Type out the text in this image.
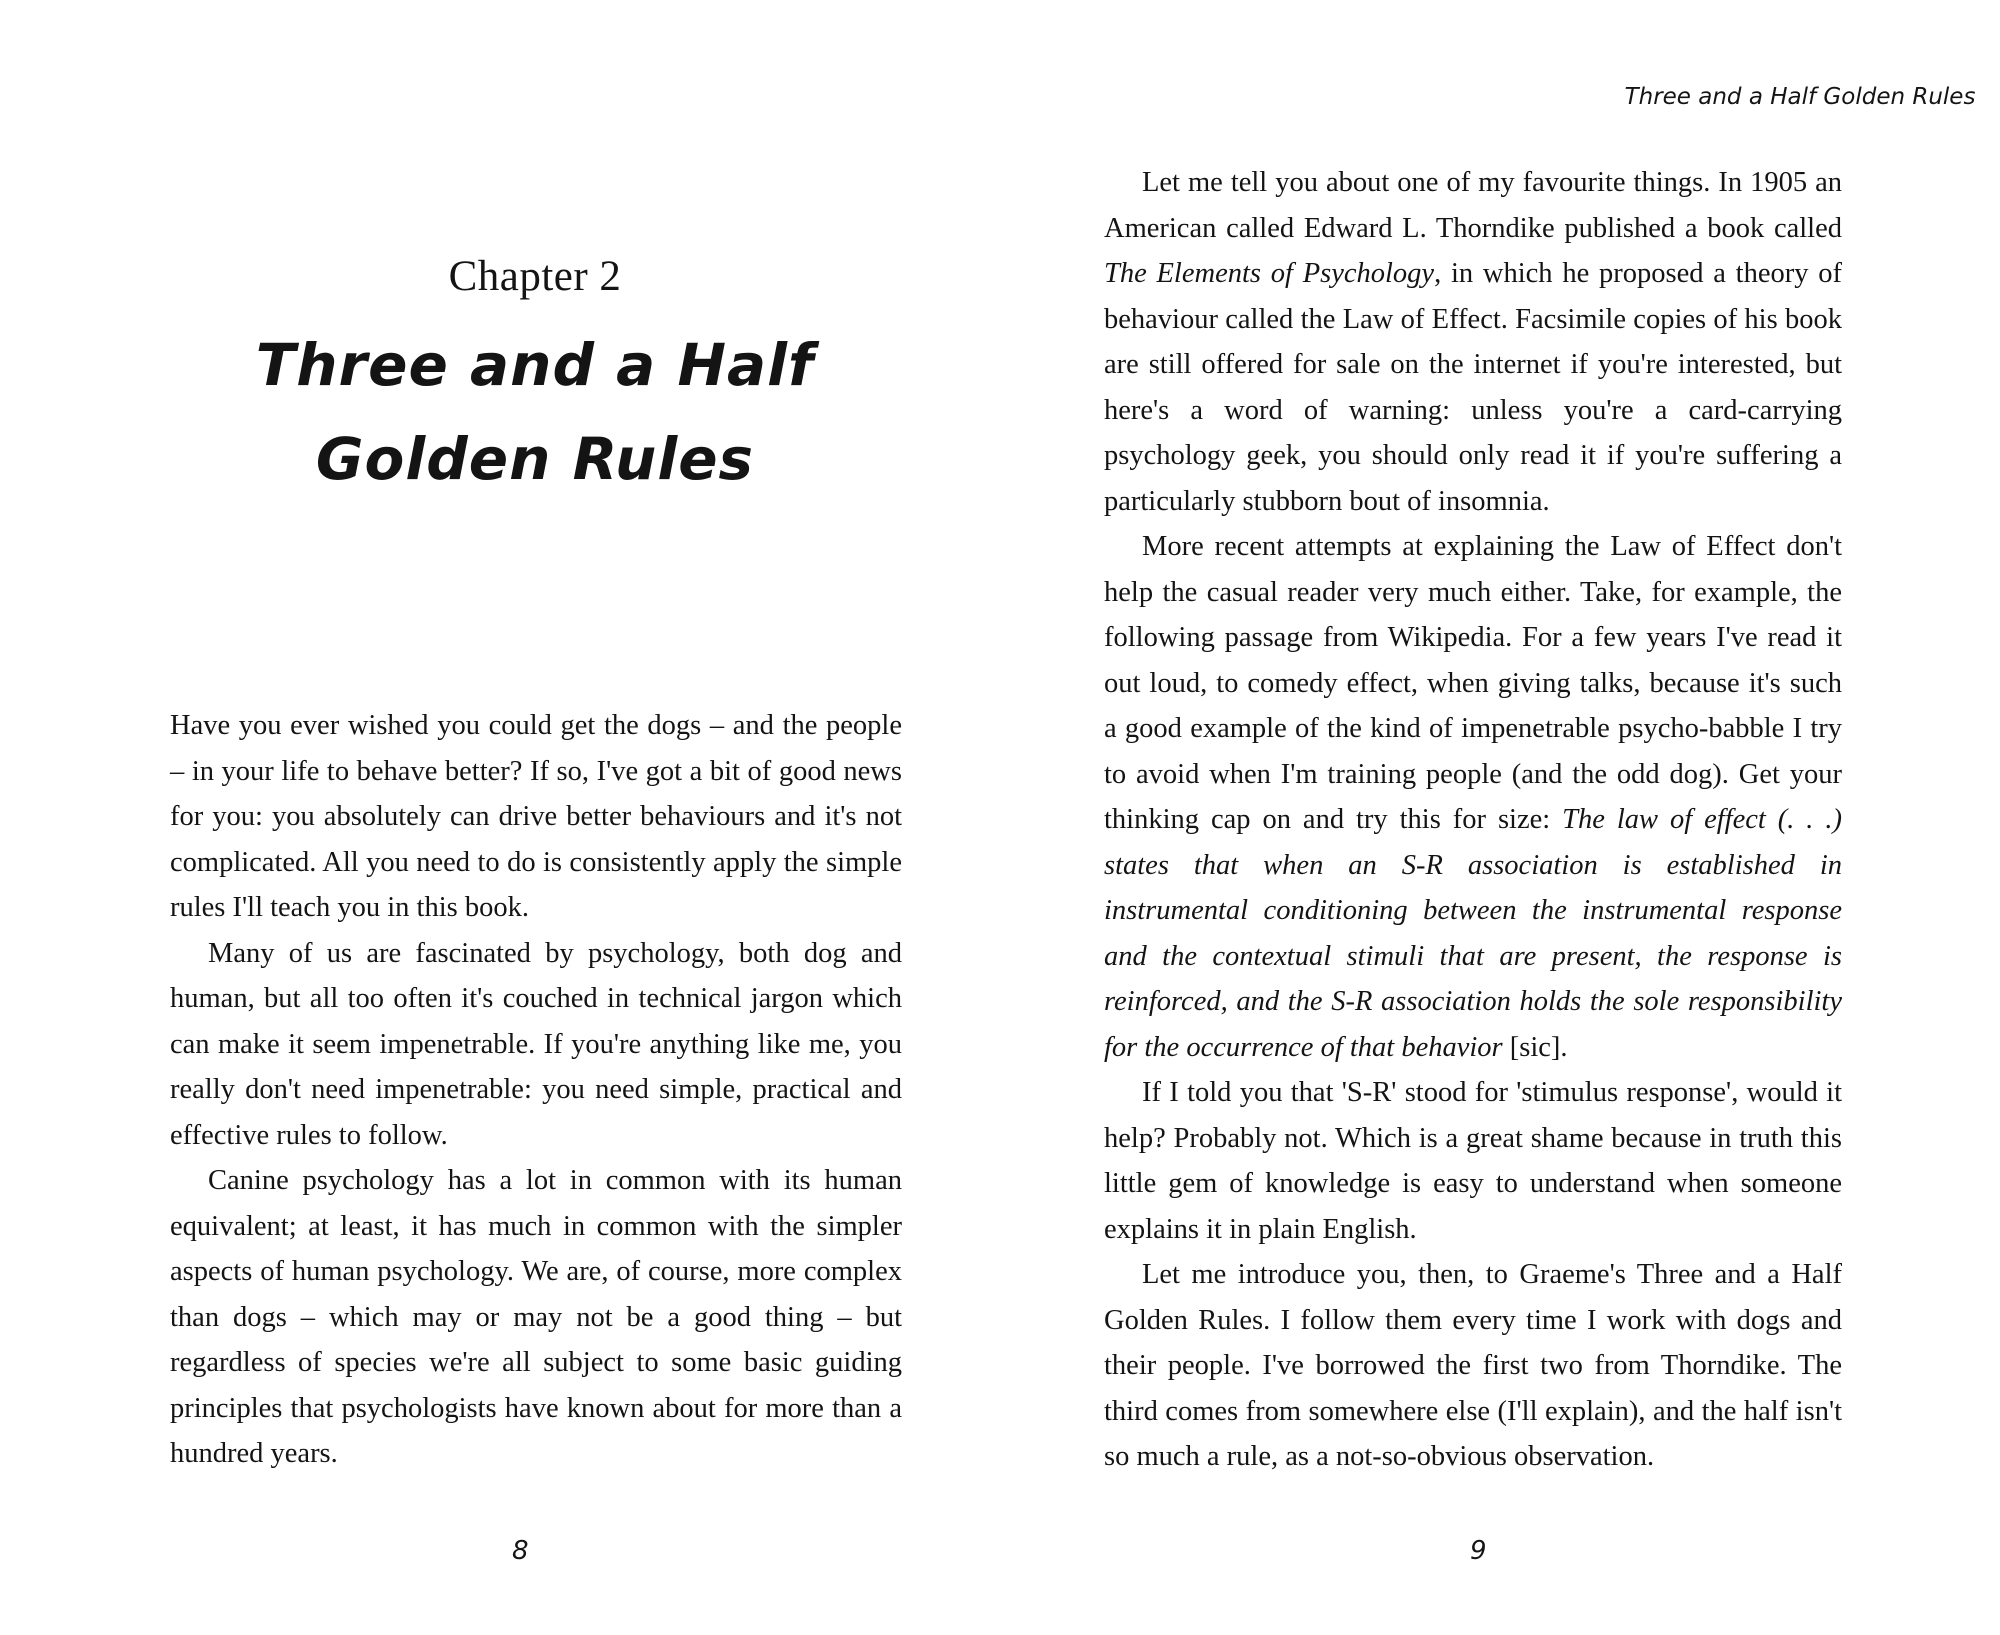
Chapter 2
Three and a Half
Golden Rules

Have you ever wished you could get the dogs – and the people – in your life to behave better? If so, I've got a bit of good news for you: you absolutely can drive better behaviours and it's not complicated. All you need to do is consistently apply the simple rules I'll teach you in this book.

Many of us are fascinated by psychology, both dog and human, but all too often it's couched in technical jargon which can make it seem impenetrable. If you're anything like me, you really don't need impenetrable: you need simple, practical and effective rules to follow.

Canine psychology has a lot in common with its human equivalent; at least, it has much in common with the simpler aspects of human psychology. We are, of course, more complex than dogs – which may or may not be a good thing – but regardless of species we're all subject to some basic guiding principles that psychologists have known about for more than a hundred years.

8
Three and a Half Golden Rules

Let me tell you about one of my favourite things. In 1905 an American called Edward L. Thorndike published a book called The Elements of Psychology, in which he proposed a theory of behaviour called the Law of Effect. Facsimile copies of his book are still offered for sale on the internet if you're interested, but here's a word of warning: unless you're a card-carrying psychology geek, you should only read it if you're suffering a particularly stubborn bout of insomnia.

More recent attempts at explaining the Law of Effect don't help the casual reader very much either. Take, for example, the following passage from Wikipedia. For a few years I've read it out loud, to comedy effect, when giving talks, because it's such a good example of the kind of impenetrable psycho-babble I try to avoid when I'm training people (and the odd dog). Get your thinking cap on and try this for size: The law of effect (. . .) states that when an S-R association is established in instrumental conditioning between the instrumental response and the contextual stimuli that are present, the response is reinforced, and the S-R association holds the sole responsibility for the occurrence of that behavior [sic].

If I told you that 'S-R' stood for 'stimulus response', would it help? Probably not. Which is a great shame because in truth this little gem of knowledge is easy to understand when someone explains it in plain English.

Let me introduce you, then, to Graeme's Three and a Half Golden Rules. I follow them every time I work with dogs and their people. I've borrowed the first two from Thorndike. The third comes from somewhere else (I'll explain), and the half isn't so much a rule, as a not-so-obvious observation.

9
